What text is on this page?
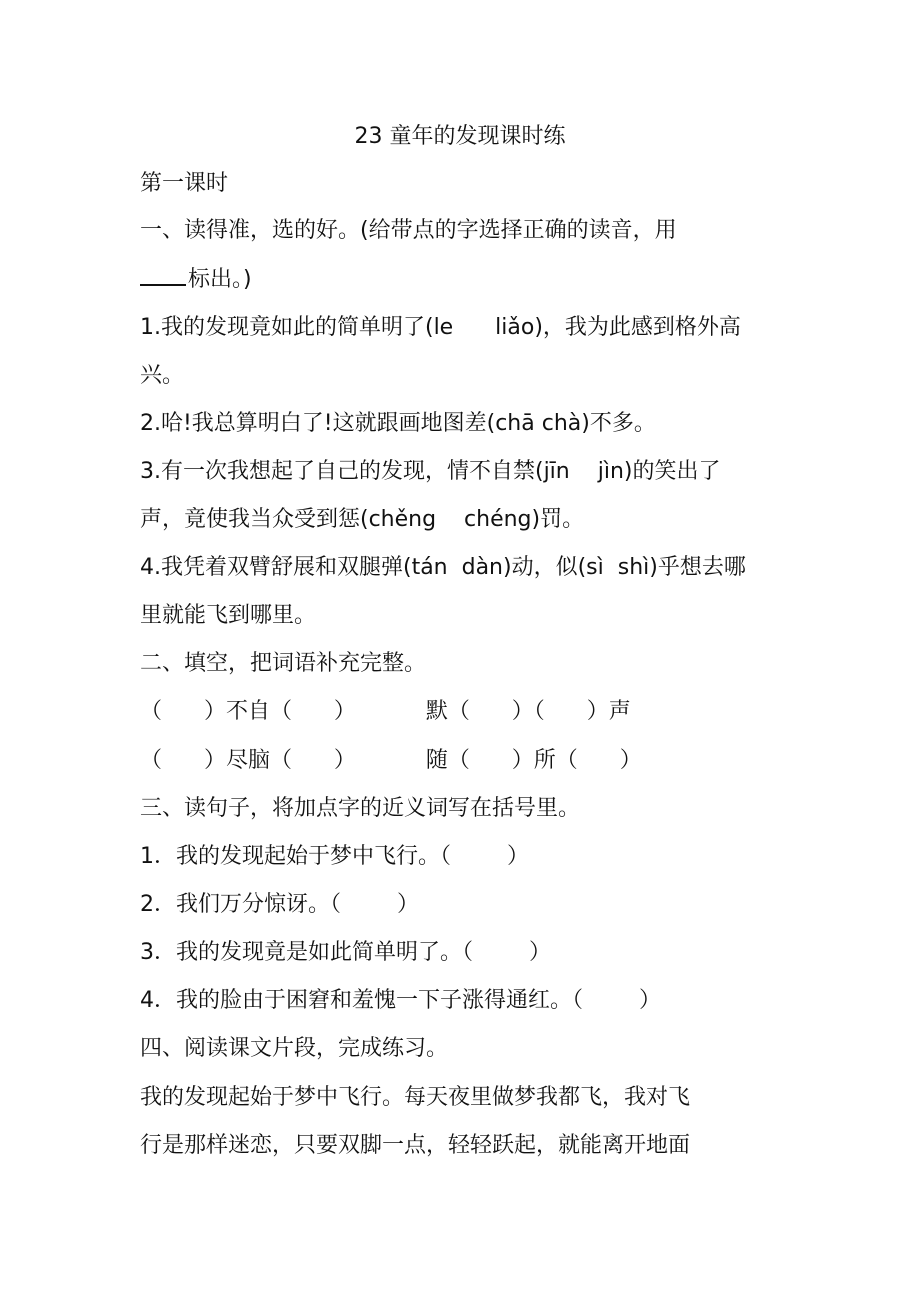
23 童年的发现课时练
第一课时
一、读得准，选的好。(给带点的字选择正确的读音，用
标出。)
1.我的发现竟如此的简单明了(le      liǎo)，我为此感到格外高
兴。
2.哈!我总算明白了!这就跟画地图差(chā chà)不多。
3.有一次我想起了自己的发现，情不自禁(jīn    jìn)的笑出了
声，竟使我当众受到惩(chěng    chéng)罚。
4.我凭着双臂舒展和双腿弹(tán  dàn)动，似(sì  shì)乎想去哪
里就能飞到哪里。
二、填空，把词语补充完整。
（      ）不自（      ）          默（      ）（      ）声
（      ）尽脑（      ）          随（      ）所（      ）
三、读句子，将加点字的近义词写在括号里。
1．我的发现起始于梦中飞行。（        ）
2．我们万分惊讶。（        ）
3．我的发现竟是如此简单明了。（        ）
4．我的脸由于困窘和羞愧一下子涨得通红。（        ）
四、阅读课文片段，完成练习。
我的发现起始于梦中飞行。每天夜里做梦我都飞，我对飞
行是那样迷恋，只要双脚一点，轻轻跃起，就能离开地面
